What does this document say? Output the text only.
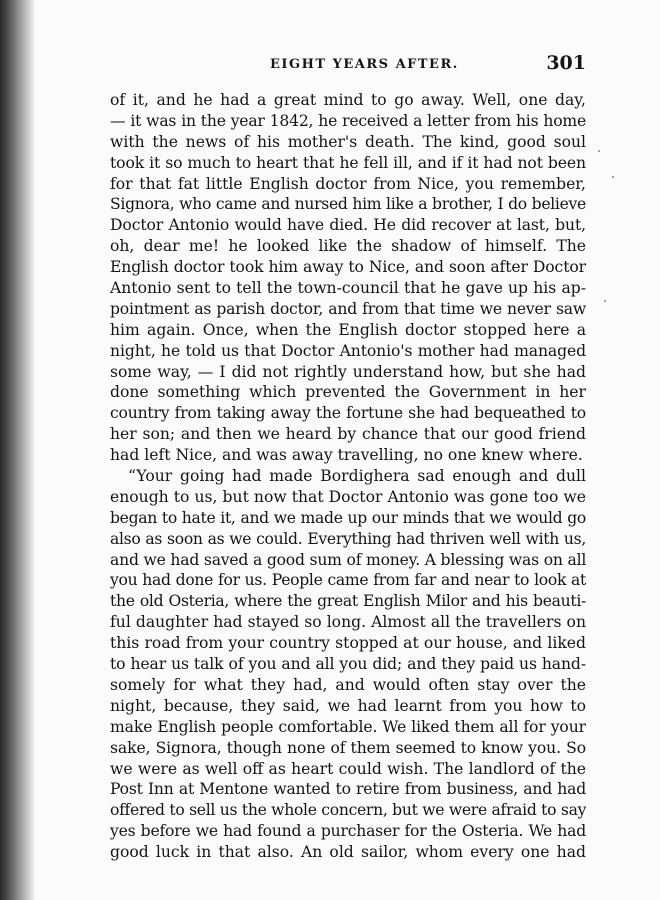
EIGHT YEARS AFTER.	301
of it, and he had a great mind to go away. Well, one day,
— it was in the year 1842, he received a letter from his home
with the news of his mother's death. The kind, good soul
took it so much to heart that he fell ill, and if it had not been
for that fat little English doctor from Nice, you remember,
Signora, who came and nursed him like a brother, I do believe
Doctor Antonio would have died. He did recover at last, but,
oh, dear me! he looked like the shadow of himself. The
English doctor took him away to Nice, and soon after Doctor
Antonio sent to tell the town-council that he gave up his ap-
pointment as parish doctor, and from that time we never saw
him again. Once, when the English doctor stopped here a
night, he told us that Doctor Antonio's mother had managed
some way, — I did not rightly understand how, but she had
done something which prevented the Government in her
country from taking away the fortune she had bequeathed to
her son; and then we heard by chance that our good friend
had left Nice, and was away travelling, no one knew where.
“Your going had made Bordighera sad enough and dull
enough to us, but now that Doctor Antonio was gone too we
began to hate it, and we made up our minds that we would go
also as soon as we could. Everything had thriven well with us,
and we had saved a good sum of money. A blessing was on all
you had done for us. People came from far and near to look at
the old Osteria, where the great English Milor and his beauti-
ful daughter had stayed so long. Almost all the travellers on
this road from your country stopped at our house, and liked
to hear us talk of you and all you did; and they paid us hand-
somely for what they had, and would often stay over the
night, because, they said, we had learnt from you how to
make English people comfortable. We liked them all for your
sake, Signora, though none of them seemed to know you. So
we were as well off as heart could wish. The landlord of the
Post Inn at Mentone wanted to retire from business, and had
offered to sell us the whole concern, but we were afraid to say
yes before we had found a purchaser for the Osteria. We had
good luck in that also. An old sailor, whom every one had
